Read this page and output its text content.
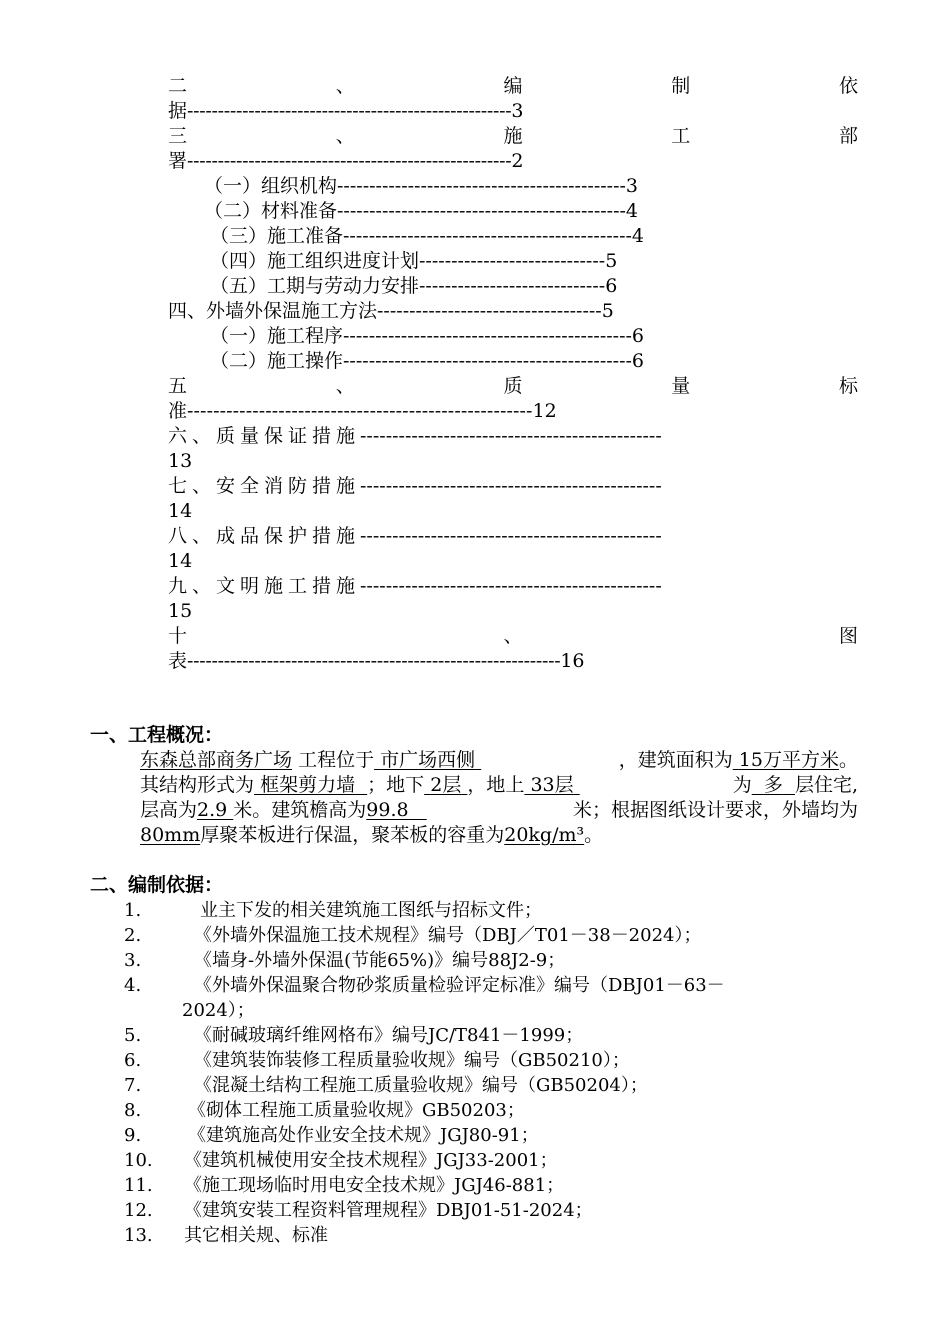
二	、	编	制	依
据-----------------------------------------------------3
三	、	施	工	部
署-----------------------------------------------------2
（一）组织机构---------------------------------------------3
（二）材料准备---------------------------------------------4
（三）施工准备---------------------------------------------4
（四）施工组织进度计划-----------------------------5
（五）工期与劳动力安排-----------------------------6
四、外墙外保温施工方法-----------------------------------5
（一）施工程序---------------------------------------------6
（二）施工操作---------------------------------------------6
五	、	质	量	标
准-----------------------------------------------------12
六、质量保证措施-----------------------------------------------
13
七、安全消防措施-----------------------------------------------
14
八、成品保护措施-----------------------------------------------
14
九、文明施工措施-----------------------------------------------
15
十	、	图
表-------------------------------------------------------------16
一、工程概况：
东森总部商务广场 工程位于 市广场西侧	，建筑面积为 15万平方米。
其结构形式为 框架剪力墙 ；地下 2层 ，地上 33层	为 多 层住宅,
层高为2.9 米。建筑檐高为99.8	米；根据图纸设计要求，外墙均为
80mm厚聚苯板进行保温，聚苯板的容重为20kg/m³。
二、编制依据：
1.	业主下发的相关建筑施工图纸与招标文件；
2.	《外墙外保温施工技术规程》编号（DBJ／T01－38－2024）；
3.	《墙身-外墙外保温(节能65%)》编号88J2-9；
4.	《外墙外保温聚合物砂浆质量检验评定标准》编号（DBJ01－63－
2024）；
5.	《耐碱玻璃纤维网格布》编号JC/T841－1999；
6.	《建筑装饰装修工程质量验收规》编号（GB50210）；
7.	《混凝土结构工程施工质量验收规》编号（GB50204）；
8.	《砌体工程施工质量验收规》GB50203；
9.	《建筑施高处作业安全技术规》JGJ80-91；
10. 《建筑机械使用安全技术规程》JGJ33-2001；
11. 《施工现场临时用电安全技术规》JGJ46-881；
12. 《建筑安装工程资料管理规程》DBJ01-51-2024；
13. 其它相关规、标准
